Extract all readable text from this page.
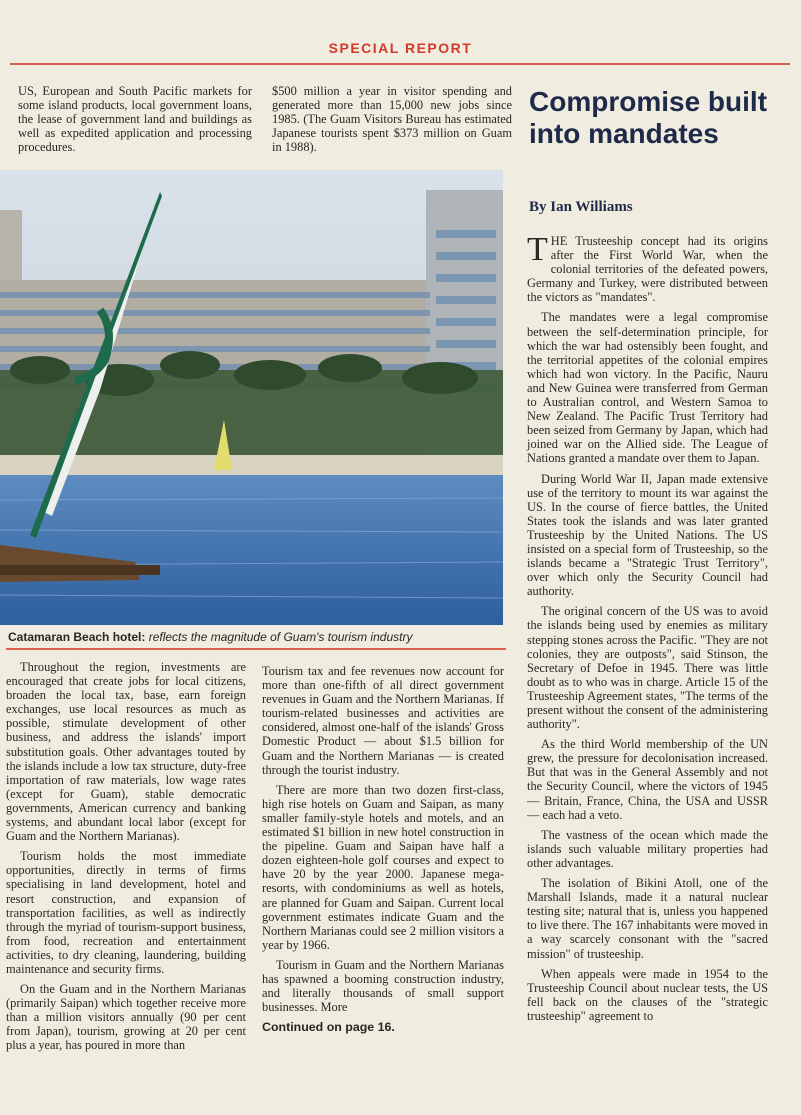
SPECIAL REPORT

US, European and South Pacific markets for some island products, local government loans, the lease of government land and buildings as well as expedited application and processing procedures.

$500 million a year in visitor spending and generated more than 15,000 new jobs since 1985. (The Guam Visitors Bureau has estimated Japanese tourists spent $373 million on Guam in 1988).

Catamaran Beach hotel: reflects the magnitude of Guam's tourism industry

Throughout the region, investments are encouraged that create jobs for local citizens, broaden the local tax, base, earn foreign exchanges, use local resources as much as possible, stimulate development of other business, and address the islands' import substitution goals. Other advantages touted by the islands include a low tax structure, duty-free importation of raw materials, low wage rates (except for Guam), stable democratic governments, American currency and banking systems, and abundant local labor (except for Guam and the Northern Marianas).

Tourism holds the most immediate opportunities, directly in terms of firms specialising in land development, hotel and resort construction, and expansion of transportation facilities, as well as indirectly through the myriad of tourism-support business, from food, recreation and entertainment activities, to dry cleaning, laundering, building maintenance and security firms.

On the Guam and in the Northern Marianas (primarily Saipan) which together receive more than a million visitors annually (90 per cent from Japan), tourism, growing at 20 per cent plus a year, has poured in more than

Tourism tax and fee revenues now account for more than one-fifth of all direct government revenues in Guam and the Northern Marianas. If tourism-related businesses and activities are considered, almost one-half of the islands' Gross Domestic Product — about $1.5 billion for Guam and the Northern Marianas — is created through the tourist industry.

There are more than two dozen first-class, high rise hotels on Guam and Saipan, as many smaller family-style hotels and motels, and an estimated $1 billion in new hotel construction in the pipeline. Guam and Saipan have half a dozen eighteen-hole golf courses and expect to have 20 by the year 2000. Japanese mega-resorts, with condominiums as well as hotels, are planned for Guam and Saipan. Current local government estimates indicate Guam and the Northern Marianas could see 2 million visitors a year by 1966.

Tourism in Guam and the Northern Marianas has spawned a booming construction industry, and literally thousands of small support businesses. More

Continued on page 16.

Compromise built into mandates
By Ian Williams

THE Trusteeship concept had its origins after the First World War, when the colonial territories of the defeated powers, Germany and Turkey, were distributed between the victors as "mandates".

The mandates were a legal compromise between the self-determination principle, for which the war had ostensibly been fought, and the territorial appetites of the colonial empires which had won victory. In the Pacific, Nauru and New Guinea were transferred from German to Australian control, and Western Samoa to New Zealand. The Pacific Trust Territory had been seized from Germany by Japan, which had joined war on the Allied side. The League of Nations granted a mandate over them to Japan.

During World War II, Japan made extensive use of the territory to mount its war against the US. In the course of fierce battles, the United States took the islands and was later granted Trusteeship by the United Nations. The US insisted on a special form of Trusteeship, so the islands became a "Strategic Trust Territory", over which only the Security Council had authority.

The original concern of the US was to avoid the islands being used by enemies as military stepping stones across the Pacific. "They are not colonies, they are outposts", said Stinson, the Secretary of Defoe in 1945. There was little doubt as to who was in charge. Article 15 of the Trusteeship Agreement states, "The terms of the present without the consent of the administering authority".

As the third World membership of the UN grew, the pressure for decolonisation increased. But that was in the General Assembly and not the Security Council, where the victors of 1945 — Britain, France, China, the USA and USSR — each had a veto.

The vastness of the ocean which made the islands such valuable military properties had other advantages.

The isolation of Bikini Atoll, one of the Marshall Islands, made it a natural nuclear testing site; natural that is, unless you happened to live there. The 167 inhabitants were moved in a way scarcely consonant with the "sacred mission" of trusteeship.

When appeals were made in 1954 to the Trusteeship Council about nuclear tests, the US fell back on the clauses of the "strategic trusteeship" agreement to
